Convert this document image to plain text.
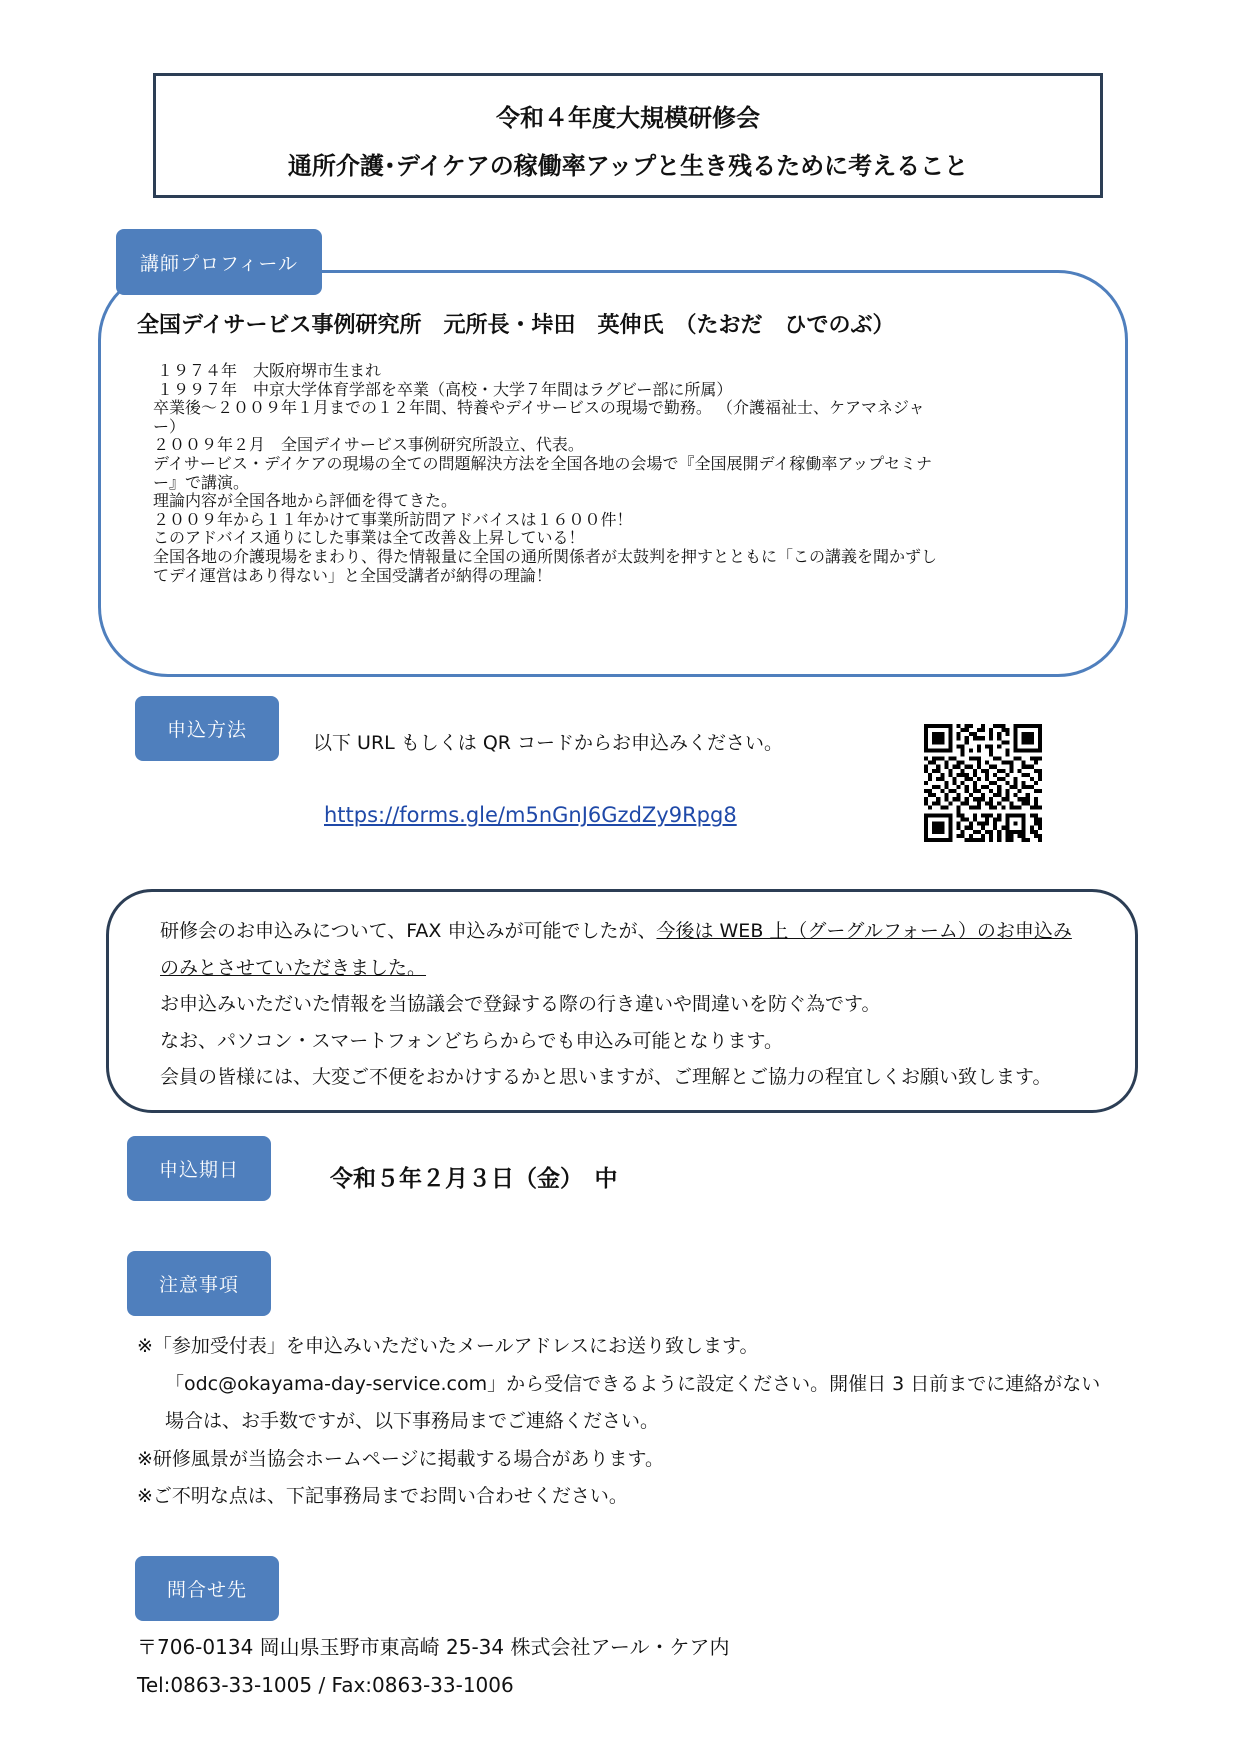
令和４年度大規模研修会
通所介護･デイケアの稼働率アップと生き残るために考えること
講師プロフィール
全国デイサービス事例研究所　元所長・垰田　英伸氏　（たおだ　ひでのぶ）
１９７４年　大阪府堺市生まれ
１９９７年　中京大学体育学部を卒業（高校・大学７年間はラグビー部に所属）
卒業後～２００９年１月までの１２年間、特養やデイサービスの現場で勤務。 （介護福祉士、ケアマネジャ
ー）
２００９年２月　全国デイサービス事例研究所設立、代表。
デイサービス・デイケアの現場の全ての問題解決方法を全国各地の会場で『全国展開デイ稼働率アップセミナ
ー』で講演。
理論内容が全国各地から評価を得てきた。
２００９年から１１年かけて事業所訪問アドバイスは１６００件！
このアドバイス通りにした事業は全て改善＆上昇している！
全国各地の介護現場をまわり、得た情報量に全国の通所関係者が太鼓判を押すとともに「この講義を聞かずし
てデイ運営はあり得ない」と全国受講者が納得の理論！
申込方法
以下 URL もしくは QR コードからお申込みください。
https://forms.gle/m5nGnJ6GzdZy9Rpg8
研修会のお申込みについて、FAX 申込みが可能でしたが、今後は WEB 上（グーグルフォーム）のお申込み
のみとさせていただきました。
お申込みいただいた情報を当協議会で登録する際の行き違いや間違いを防ぐ為です。
なお、パソコン・スマートフォンどちらからでも申込み可能となります。
会員の皆様には、大変ご不便をおかけするかと思いますが、ご理解とご協力の程宜しくお願い致します。
申込期日	令和５年２月３日（金）　中
注意事項
※「参加受付表」を申込みいただいたメールアドレスにお送り致します。
「odc@okayama-day-service.com」から受信できるように設定ください。開催日 3 日前までに連絡がない
場合は、お手数ですが、以下事務局までご連絡ください。
※研修風景が当協会ホームページに掲載する場合があります。
※ご不明な点は、下記事務局までお問い合わせください。
問合せ先
〒706-0134 岡山県玉野市東高崎 25-34 株式会社アール・ケア内
Tel:0863-33-1005 / Fax:0863-33-1006
